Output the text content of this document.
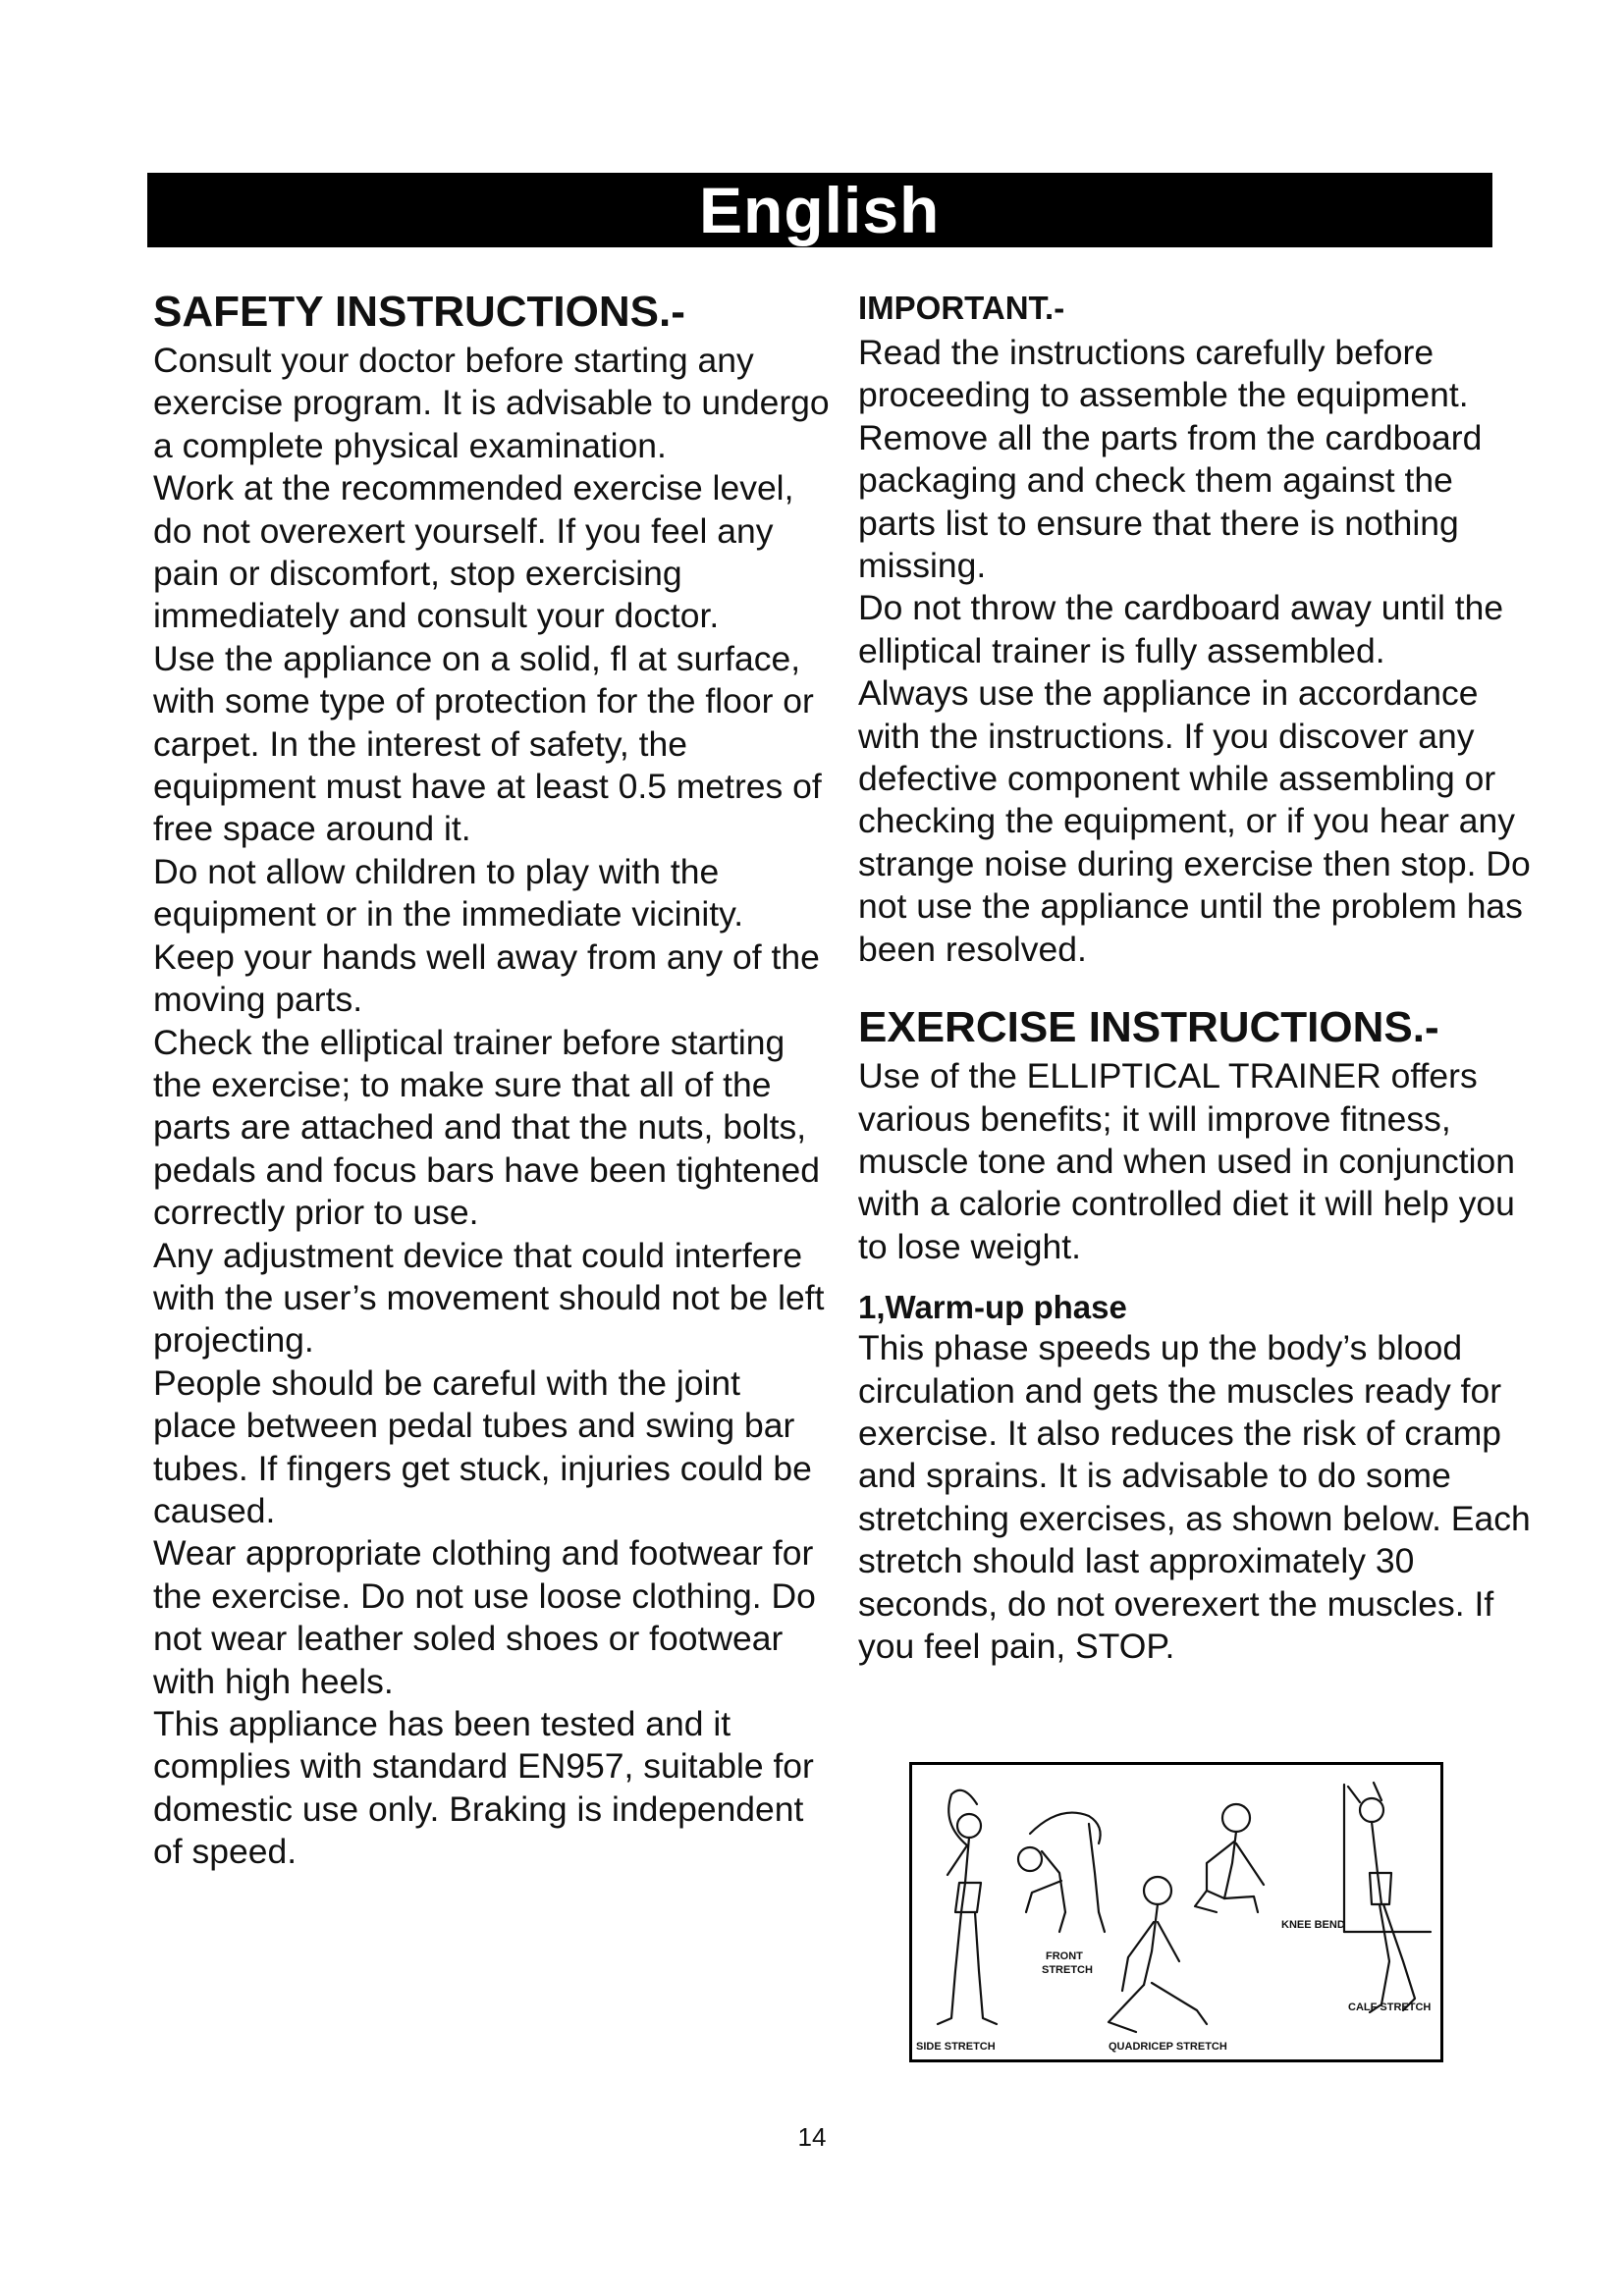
English
SAFETY INSTRUCTIONS.-

Consult your doctor before starting any exercise program. It is advisable to undergo a complete physical examination.

Work at the recommended exercise level, do not overexert yourself. If you feel any pain or discomfort, stop exercising immediately and consult your doctor.

Use the appliance on a solid, fl at surface, with some type of protection for the floor or carpet. In the interest of safety, the equipment must have at least 0.5 metres of free space around it.

Do not allow children to play with the equipment or in the immediate vicinity. Keep your hands well away from any of the moving parts.

Check the elliptical trainer before starting the exercise; to make sure that all of the parts are attached and that the nuts, bolts, pedals and focus bars have been tightened correctly prior to use.

Any adjustment device that could interfere with the user’s movement should not be left projecting.

People should be careful with the joint place between pedal tubes and swing bar tubes. If fingers get stuck, injuries could be caused.

Wear appropriate clothing and footwear for the exercise. Do not use loose clothing. Do not wear leather soled shoes or footwear with high heels.

This appliance has been tested and it complies with standard EN957, suitable for domestic use only. Braking is independent of speed.

IMPORTANT.-

Read the instructions carefully before proceeding to assemble the equipment. Remove all the parts from the cardboard packaging and check them against the parts list to ensure that there is nothing missing.

Do not throw the cardboard away until the elliptical trainer is fully assembled.

Always use the appliance in accordance with the instructions. If you discover any defective component while assembling or checking the equipment, or if you hear any strange noise during exercise then stop. Do not use the appliance until the problem has been resolved.

EXERCISE INSTRUCTIONS.-

Use of the ELLIPTICAL TRAINER offers various benefits; it will improve fitness, muscle tone and when used in conjunction with a calorie controlled diet it will help you to lose weight.

1,Warm-up phase

This phase speeds up the body’s blood circulation and gets the muscles ready for exercise. It also reduces the risk of cramp and sprains. It is advisable to do some stretching exercises, as shown below. Each stretch should last approximately 30 seconds, do not overexert the muscles. If you feel pain, STOP.

SIDE STRETCH
FRONT
STRETCH
QUADRICEP STRETCH
KNEE BEND
CALF STRETCH
14
